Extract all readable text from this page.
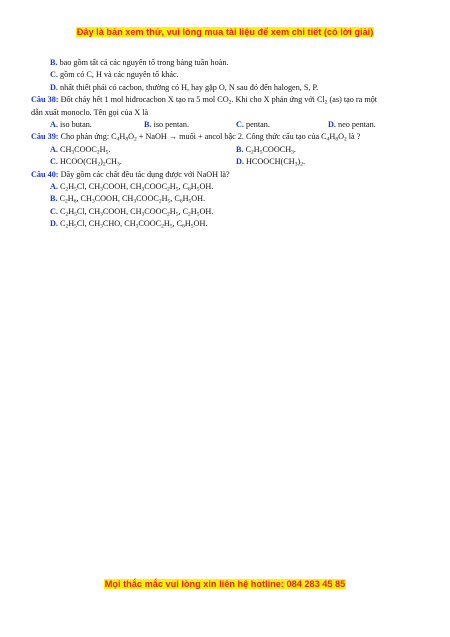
Đây là bản xem thử, vui lòng mua tài liệu để xem chi tiết (có lời giải)
B. bao gồm tất cả các nguyên tố trong bảng tuần hoàn.
C. gồm có C, H và các nguyên tố khác.
D. nhất thiết phải có cacbon, thường có H, hay gặp O, N sau đó đến halogen, S, P.
Câu 38: Đốt cháy hết 1 mol hiđrocacbon X tạo ra 5 mol $CO_2$. Khi cho X phản ứng với $Cl_2$ (as) tạo ra một
dẫn xuất monoclo. Tên gọi của X là
A. iso butan.	B. iso pentan.	C. pentan.	D. neo pentan.
Câu 39: Cho phản ứng: $C_4H_8O_2$ + NaOH → muối + ancol bậc 2. Công thức cấu tạo của $C_4H_8O_2$ là ?
A. $CH_3COOC_2H_5$.	B. $C_2H_5COOCH_3$.
C. $HCOO(CH_2)_2CH_3$.	D. $HCOOCH(CH_3)_2$.
Câu 40: Dãy gồm các chất đều tác dụng được với NaOH là?
A. $C_2H_5Cl$, $CH_3COOH$, $CH_3COOC_2H_5$, $C_6H_5OH$.
B. $C_2H_6$, $CH_3COOH$, $CH_3COOC_2H_5$, $C_6H_5OH$.
C. $C_2H_5Cl$, $CH_3COOH$, $CH_3COOC_2H_5$, $C_2H_5OH$.
D. $C_2H_5Cl$, $CH_3CHO$, $CH_3COOC_2H_5$, $C_6H_5OH$.
Mọi thắc mắc vui lòng xin liên hệ hotline: 084 283 45 85
